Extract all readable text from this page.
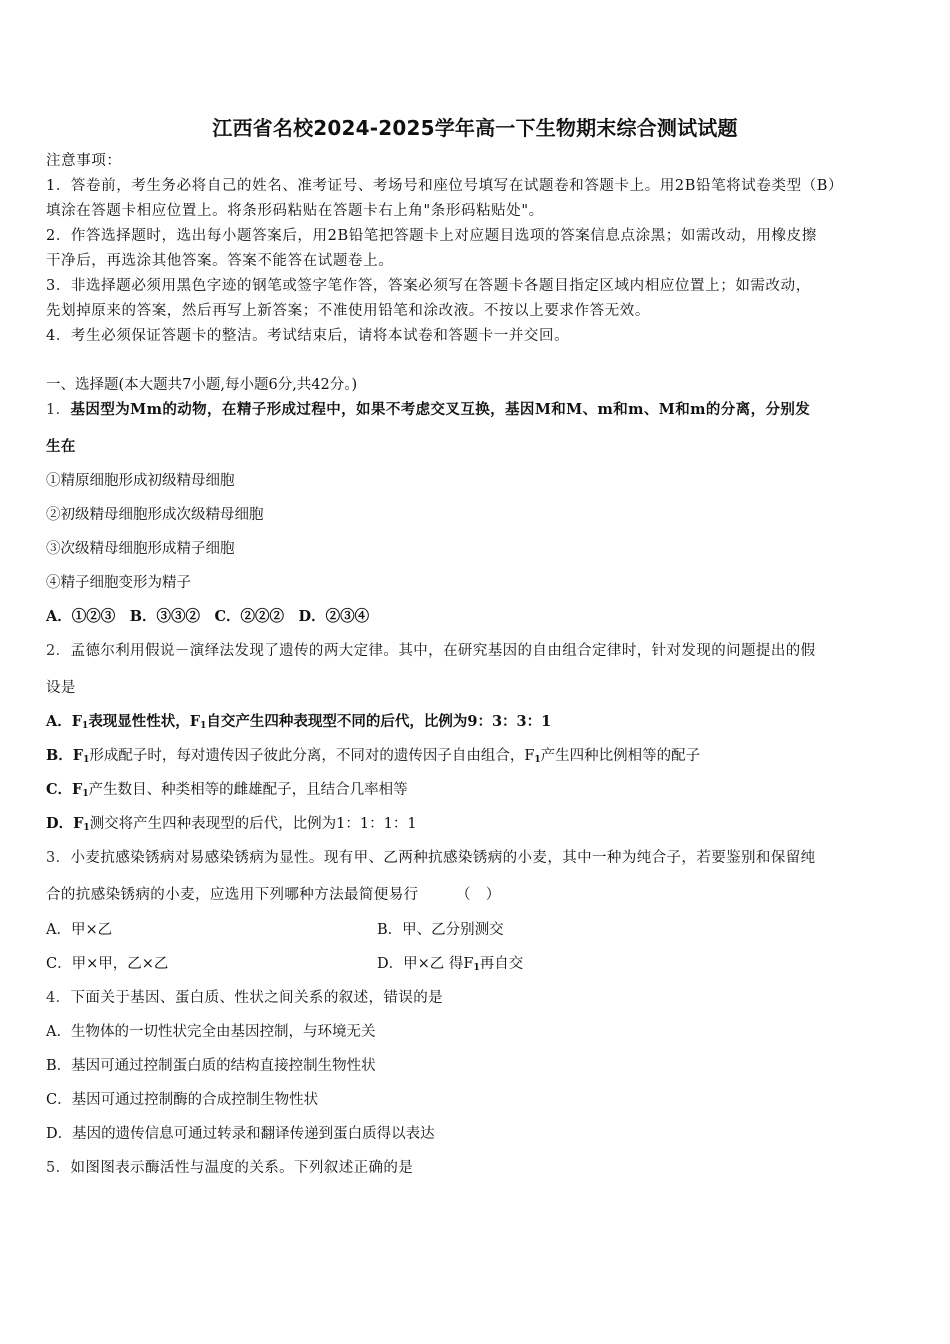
江西省名校2024-2025学年高一下生物期末综合测试试题
注意事项：
1．答卷前，考生务必将自己的姓名、准考证号、考场号和座位号填写在试题卷和答题卡上。用2B铅笔将试卷类型（B）
填涂在答题卡相应位置上。将条形码粘贴在答题卡右上角"条形码粘贴处"。
2．作答选择题时，选出每小题答案后，用2B铅笔把答题卡上对应题目选项的答案信息点涂黑；如需改动，用橡皮擦
干净后，再选涂其他答案。答案不能答在试题卷上。
3．非选择题必须用黑色字迹的钢笔或签字笔作答，答案必须写在答题卡各题目指定区域内相应位置上；如需改动，
先划掉原来的答案，然后再写上新答案；不准使用铅笔和涂改液。不按以上要求作答无效。
4．考生必须保证答题卡的整洁。考试结束后，请将本试卷和答题卡一并交回。
一、选择题(本大题共7小题,每小题6分,共42分。)
1．基因型为Mm的动物，在精子形成过程中，如果不考虑交叉互换，基因M和M、m和m、M和m的分离，分别发
生在
①精原细胞形成初级精母细胞
②初级精母细胞形成次级精母细胞
③次级精母细胞形成精子细胞
④精子细胞变形为精子
A．①②③　B．③③②　C．②②②　D．②③④
2．孟德尔利用假说－演绎法发现了遗传的两大定律。其中，在研究基因的自由组合定律时，针对发现的问题提出的假
设是
A．$F_1$表现显性性状，$F_1$自交产生四种表现型不同的后代，比例为9：3：3：1
B．$F_1$形成配子时，每对遗传因子彼此分离，不同对的遗传因子自由组合，$F_1$产生四种比例相等的配子
C．$F_1$产生数目、种类相等的雌雄配子，且结合几率相等
D．$F_1$测交将产生四种表现型的后代，比例为1：1：1：1
3．小麦抗感染锈病对易感染锈病为显性。现有甲、乙两种抗感染锈病的小麦，其中一种为纯合子，若要鉴别和保留纯
合的抗感染锈病的小麦，应选用下列哪种方法最简便易行　　　（　）
A．甲×乙	B．甲、乙分别测交
C．甲×甲，乙×乙	D．甲×乙 得$F_1$再自交
4．下面关于基因、蛋白质、性状之间关系的叙述，错误的是
A．生物体的一切性状完全由基因控制，与环境无关
B．基因可通过控制蛋白质的结构直接控制生物性状
C．基因可通过控制酶的合成控制生物性状
D．基因的遗传信息可通过转录和翻译传递到蛋白质得以表达
5．如图图表示酶活性与温度的关系。下列叙述正确的是
